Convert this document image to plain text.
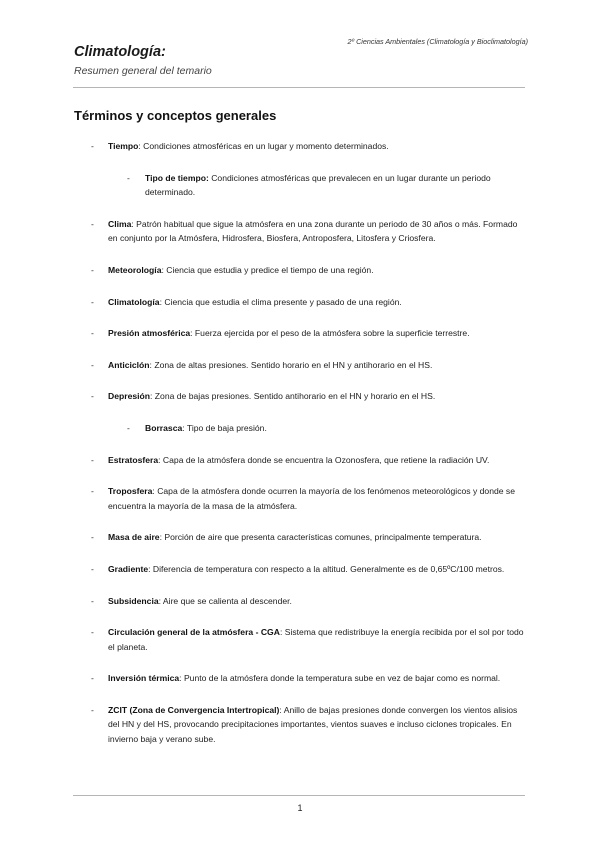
2º Ciencias Ambientales (Climatología y Bioclimatología)
Climatología:
Resumen general del temario
Términos y conceptos generales
- Tiempo: Condiciones atmosféricas en un lugar y momento determinados.
- Tipo de tiempo: Condiciones atmosféricas que prevalecen en un lugar durante un periodo determinado.
- Clima: Patrón habitual que sigue la atmósfera en una zona durante un periodo de 30 años o más. Formado en conjunto por la Atmósfera, Hidrosfera, Biosfera, Antroposfera, Litosfera y Criosfera.
- Meteorología: Ciencia que estudia y predice el tiempo de una región.
- Climatología: Ciencia que estudia el clima presente y pasado de una región.
- Presión atmosférica: Fuerza ejercida por el peso de la atmósfera sobre la superficie terrestre.
- Anticiclón: Zona de altas presiones. Sentido horario en el HN y antihorario en el HS.
- Depresión: Zona de bajas presiones. Sentido antihorario en el HN y horario en el HS.
- Borrasca: Tipo de baja presión.
- Estratosfera: Capa de la atmósfera donde se encuentra la Ozonosfera, que retiene la radiación UV.
- Troposfera: Capa de la atmósfera donde ocurren la mayoría de los fenómenos meteorológicos y donde se encuentra la mayoría de la masa de la atmósfera.
- Masa de aire: Porción de aire que presenta características comunes, principalmente temperatura.
- Gradiente: Diferencia de temperatura con respecto a la altitud. Generalmente es de 0,65ºC/100 metros.
- Subsidencia: Aire que se calienta al descender.
- Circulación general de la atmósfera - CGA: Sistema que redistribuye la energía recibida por el sol por todo el planeta.
- Inversión térmica: Punto de la atmósfera donde la temperatura sube en vez de bajar como es normal.
- ZCIT (Zona de Convergencia Intertropical): Anillo de bajas presiones donde convergen los vientos alisios del HN y del HS, provocando precipitaciones importantes, vientos suaves e incluso ciclones tropicales. En invierno baja y verano sube.
1
